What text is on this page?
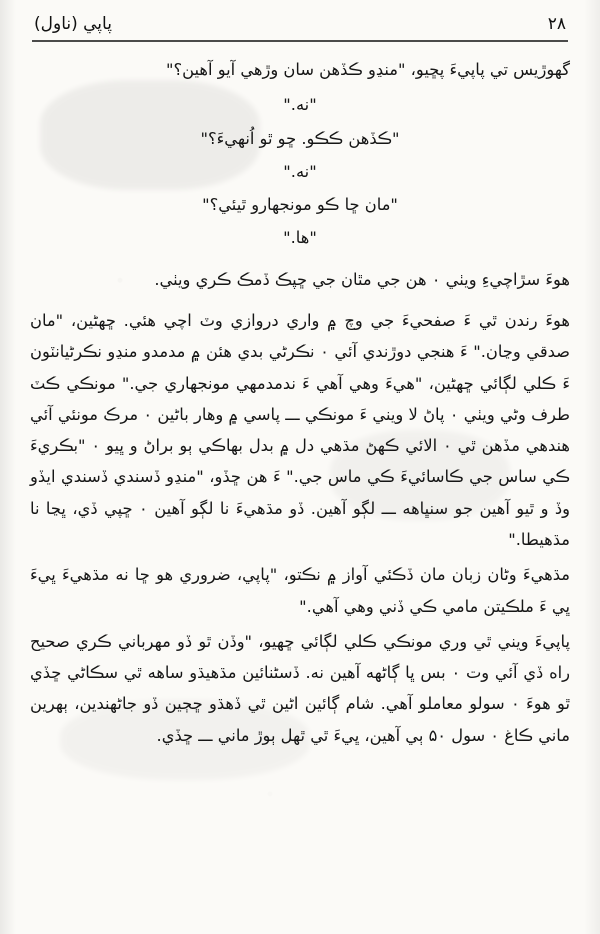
پاپي (ناول)	۲۸

گهوڙيس تي پاپيءَ پڇيو، "منڍو ڪڏهن سان وڙهي آيو آهين؟"

"نه."

"ڪڏهن ڪڪو. ڇو ٿو اُنهيءَ؟"

"نه."

"مان ڇا ڪو مونجھارو ٿيئي؟"

"ها."

هوءَ سڙاچيءِ ويٺي ۰ هن جي مٿان جي ڇپڪ ڏمڪ ڪري ويٺي.

هوءَ رندن ٿي ءَ صفحيءَ جي وچ ۾ واري دروازي وٽ اچي هئي. ڇهڻين، "مان صدقي وڃان." ءَ هنجي دوڙندي آئي ۰ نڪرڻي بدي هئن ۾ مدمدو منڍو نڪرڻيانٽون ءَ ڪلي لڳائي ڇهڻين، "هيءَ وهي آهي ءَ ندمدمهي مونجھاري جي." مونڪي ڪٽ طرف وڻي ويٺي ۰ پاڻ لا ويني ءَ مونڪي ـــ پاسي ۾ وهار باڻين ۰ مرڪ مونئي آئي هندهي مڏهن ٿي ۰ الائي ڪهڻ مڌهي دل ۾ بدل بھاڪي ٻو براڻ و ڀيو ۰ "بڪريءَ ڪي ساس جي ڪاسائيءَ ڪي ماس جي." ءَ هن ڇڏو، "منڍو ڏسندي ڏسندي ايڏو وڏ و ٿيو آهين جو سنڀاهه ـــ لڳو آهين. ڏو مڌهيءَ نا لڳو آهين ۰ ڇپي ڏي، ڀڃا نا مڌهيطا."

مڌهيءَ وڻان زبان مان ڏڪئي آواز ۾ نڪتو، "پاپي، ضروري هو ڇا نه مڌهيءَ ڀيءَ ڀي ءَ ملڪيتن مامي ڪي ڏني وهي آهي."

پاپيءَ ويني ٿي وري مونڪي ڪلي لڳائي ڇهيو، "وڏن ٿو ڏو مهرباني ڪري صحيح راه ڏي آئي وت ۰ بس ڀا ڳاڻهه آهين نه. ڏسڻنائين مڌهيڌو ساهه ٿي سڪاڻي ڇڏي ٿو هوءَ ۰ سولو معاملو آهي. شام ڳائين اڻين ٿي ڏهڌو ڇڄين ڏو جاڻهندين، ٻهرين ماني ڪاغ ۰ سول ۵۰ ٻي آهين، ڀيءَ ٿي ٿهل ٻوڙ ماني ـــ ڇڏي.
